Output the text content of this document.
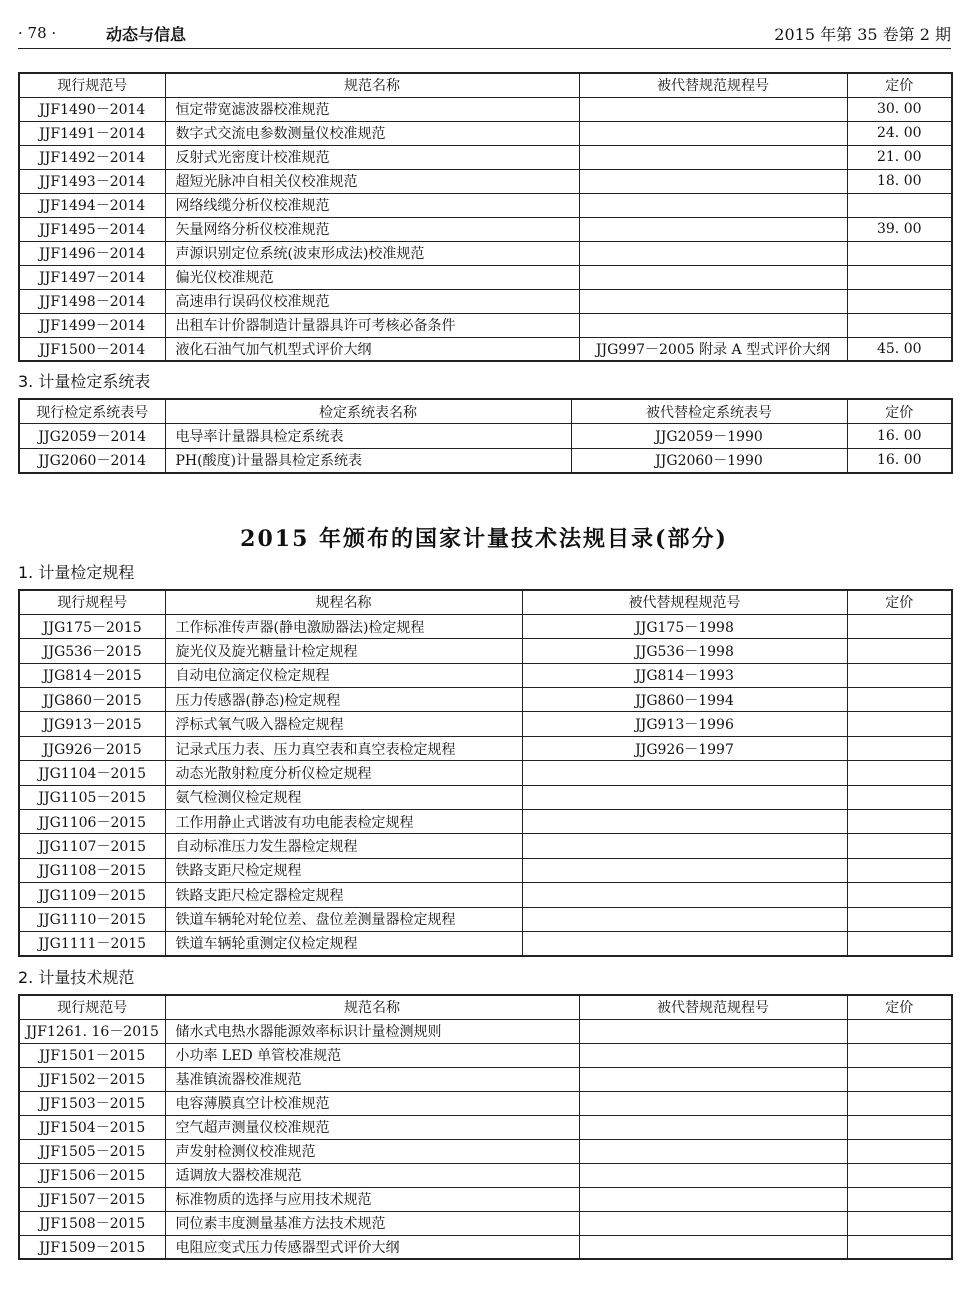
· 78 ·	动态与信息	2015 年第 35 卷第 2 期
现行规范号	规范名称	被代替规范规程号	定价
JJF1490－2014	恒定带宽滤波器校准规范		30. 00
JJF1491－2014	数字式交流电参数测量仪校准规范		24. 00
JJF1492－2014	反射式光密度计校准规范		21. 00
JJF1493－2014	超短光脉冲自相关仪校准规范		18. 00
JJF1494－2014	网络线缆分析仪校准规范		
JJF1495－2014	矢量网络分析仪校准规范		39. 00
JJF1496－2014	声源识别定位系统(波束形成法)校准规范		
JJF1497－2014	偏光仪校准规范		
JJF1498－2014	高速串行误码仪校准规范		
JJF1499－2014	出租车计价器制造计量器具许可考核必备条件		
JJF1500－2014	液化石油气加气机型式评价大纲	JJG997－2005 附录 A 型式评价大纲	45. 00
3. 计量检定系统表
现行检定系统表号	检定系统表名称	被代替检定系统表号	定价
JJG2059－2014	电导率计量器具检定系统表	JJG2059－1990	16. 00
JJG2060－2014	PH(酸度)计量器具检定系统表	JJG2060－1990	16. 00
2015 年颁布的国家计量技术法规目录(部分)
1. 计量检定规程
现行规程号	规程名称	被代替规程规范号	定价
JJG175－2015	工作标准传声器(静电激励器法)检定规程	JJG175－1998	
JJG536－2015	旋光仪及旋光糖量计检定规程	JJG536－1998	
JJG814－2015	自动电位滴定仪检定规程	JJG814－1993	
JJG860－2015	压力传感器(静态)检定规程	JJG860－1994	
JJG913－2015	浮标式氧气吸入器检定规程	JJG913－1996	
JJG926－2015	记录式压力表、压力真空表和真空表检定规程	JJG926－1997	
JJG1104－2015	动态光散射粒度分析仪检定规程		
JJG1105－2015	氨气检测仪检定规程		
JJG1106－2015	工作用静止式谐波有功电能表检定规程		
JJG1107－2015	自动标准压力发生器检定规程		
JJG1108－2015	铁路支距尺检定规程		
JJG1109－2015	铁路支距尺检定器检定规程		
JJG1110－2015	铁道车辆轮对轮位差、盘位差测量器检定规程		
JJG1111－2015	铁道车辆轮重测定仪检定规程		
2. 计量技术规范
现行规范号	规范名称	被代替规范规程号	定价
JJF1261. 16－2015	储水式电热水器能源效率标识计量检测规则		
JJF1501－2015	小功率 LED 单管校准规范		
JJF1502－2015	基准镇流器校准规范		
JJF1503－2015	电容薄膜真空计校准规范		
JJF1504－2015	空气超声测量仪校准规范		
JJF1505－2015	声发射检测仪校准规范		
JJF1506－2015	适调放大器校准规范		
JJF1507－2015	标准物质的选择与应用技术规范		
JJF1508－2015	同位素丰度测量基准方法技术规范		
JJF1509－2015	电阻应变式压力传感器型式评价大纲		
